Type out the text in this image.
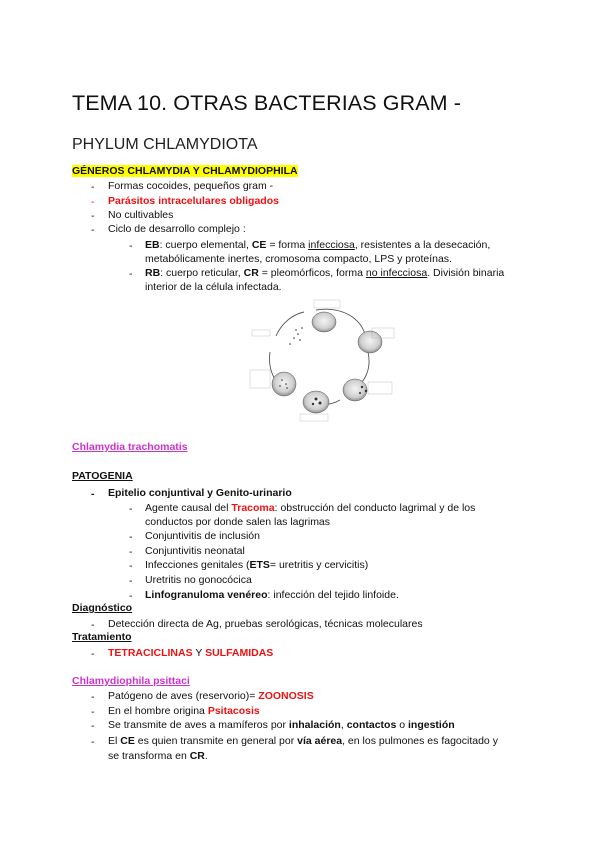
TEMA 10. OTRAS BACTERIAS GRAM -
PHYLUM CHLAMYDIOTA
GÉNEROS CHLAMYDIA Y CHLAMYDIOPHILA
- Formas cocoides, pequeños gram -
- Parásitos intracelulares obligados
- No cultivables
- Ciclo de desarrollo complejo :
- EB: cuerpo elemental, CE = forma infecciosa, resistentes a la desecación,
metabólicamente inertes, cromosoma compacto, LPS y proteínas.
- RB: cuerpo reticular, CR = pleomórficos, forma no infecciosa. División binaria
interior de la célula infectada.
Chlamydia trachomatis
PATOGENIA
- Epitelio conjuntival y Genito-urinario
- Agente causal del Tracoma: obstrucción del conducto lagrimal y de los
conductos por donde salen las lagrimas
- Conjuntivitis de inclusión
- Conjuntivitis neonatal
- Infecciones genitales (ETS= uretritis y cervicitis)
- Uretritis no gonocócica
- Linfogranuloma venéreo: infección del tejido linfoide.
Diagnóstico
- Detección directa de Ag, pruebas serológicas, técnicas moleculares
Tratamiento
- TETRACICLINAS Y SULFAMIDAS
Chlamydiophila psittaci
- Patógeno de aves (reservorio)= ZOONOSIS
- En el hombre origina Psitacosis
- Se transmite de aves a mamíferos por inhalación, contactos o ingestión
- El CE es quien transmite en general por vía aérea, en los pulmones es fagocitado y
se transforma en CR.
